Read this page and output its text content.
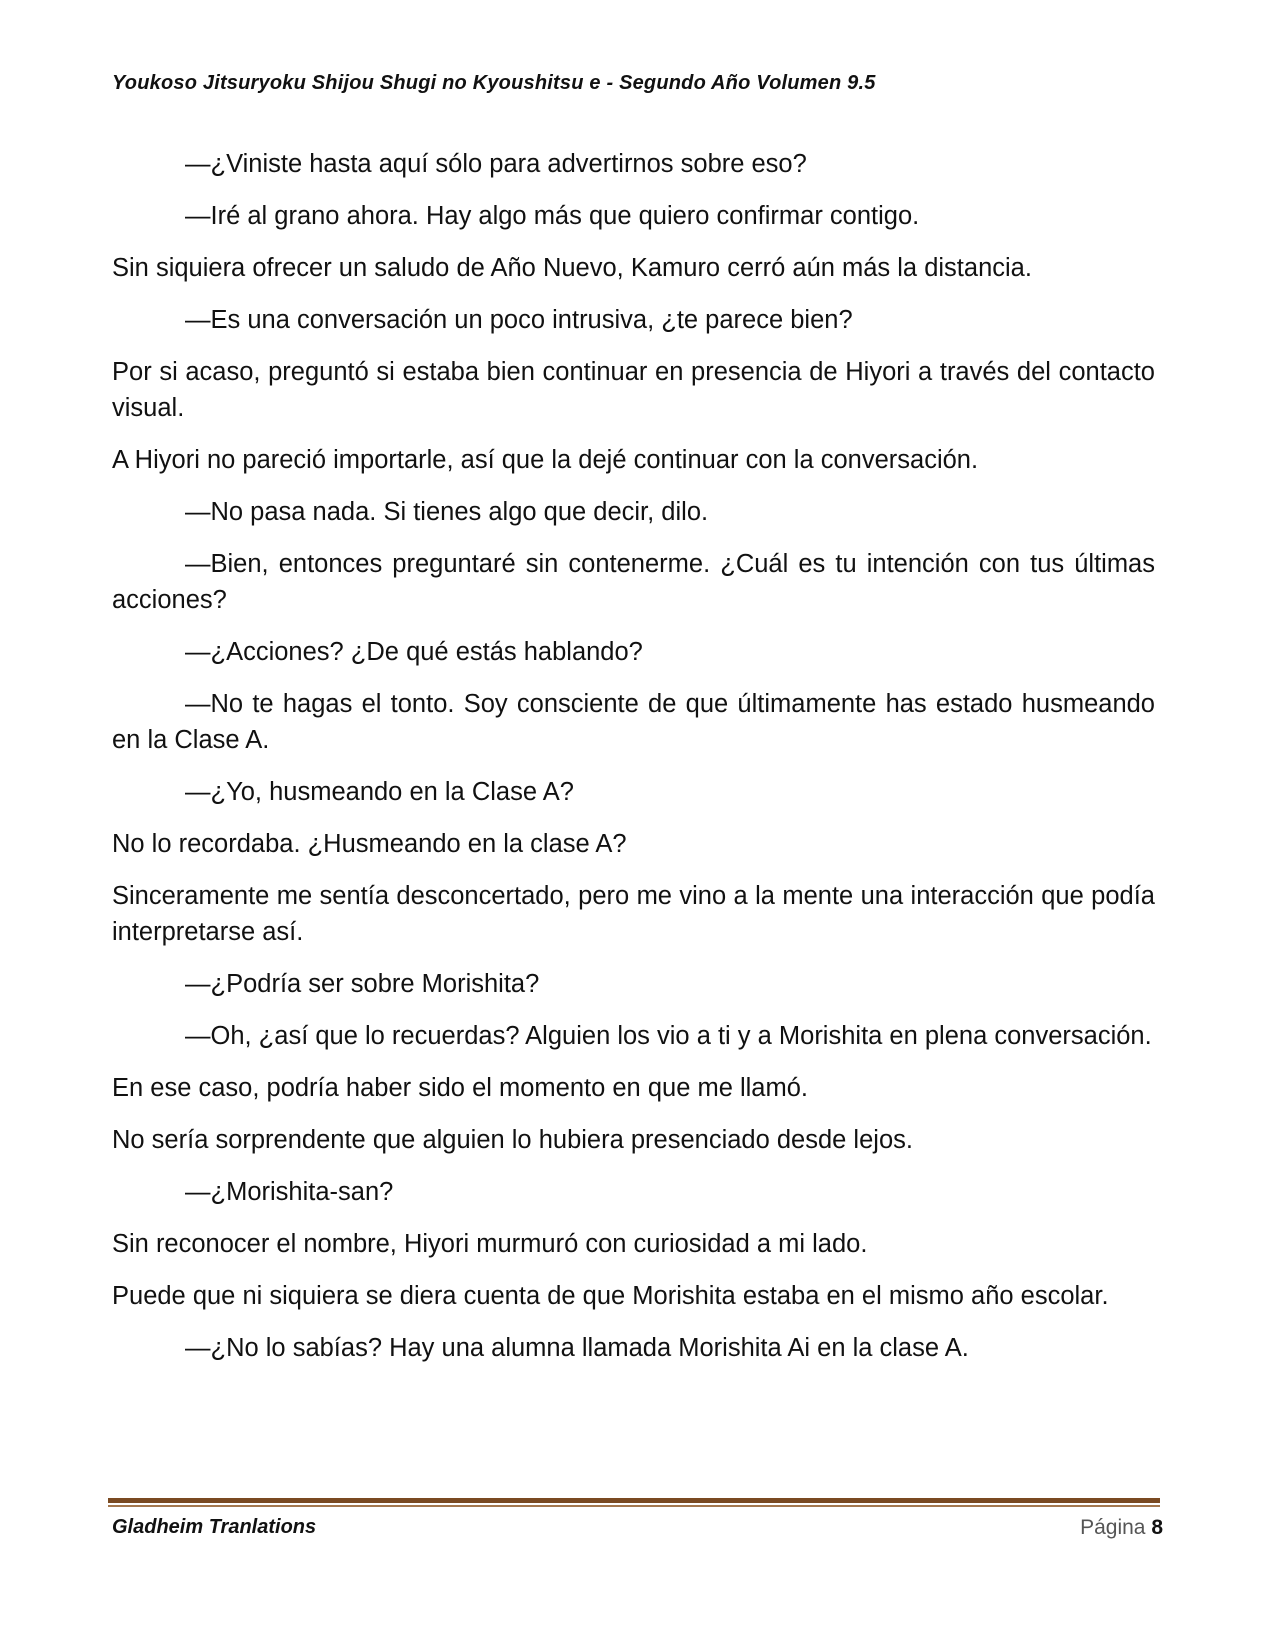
Youkoso Jitsuryoku Shijou Shugi no Kyoushitsu e - Segundo Año Volumen 9.5

—¿Viniste hasta aquí sólo para advertirnos sobre eso?

—Iré al grano ahora. Hay algo más que quiero confirmar contigo.

Sin siquiera ofrecer un saludo de Año Nuevo, Kamuro cerró aún más la distancia.

—Es una conversación un poco intrusiva, ¿te parece bien?

Por si acaso, preguntó si estaba bien continuar en presencia de Hiyori a través del contacto visual.

A Hiyori no pareció importarle, así que la dejé continuar con la conversación.

—No pasa nada. Si tienes algo que decir, dilo.

—Bien, entonces preguntaré sin contenerme. ¿Cuál es tu intención con tus últimas acciones?

—¿Acciones? ¿De qué estás hablando?

—No te hagas el tonto. Soy consciente de que últimamente has estado husmeando en la Clase A.

—¿Yo, husmeando en la Clase A?

No lo recordaba. ¿Husmeando en la clase A?

Sinceramente me sentía desconcertado, pero me vino a la mente una interacción que podía interpretarse así.

—¿Podría ser sobre Morishita?

—Oh, ¿así que lo recuerdas? Alguien los vio a ti y a Morishita en plena conversación.

En ese caso, podría haber sido el momento en que me llamó.

No sería sorprendente que alguien lo hubiera presenciado desde lejos.

—¿Morishita-san?

Sin reconocer el nombre, Hiyori murmuró con curiosidad a mi lado.

Puede que ni siquiera se diera cuenta de que Morishita estaba en el mismo año escolar.

—¿No lo sabías? Hay una alumna llamada Morishita Ai en la clase A.

Gladheim Tranlations	Página 8
